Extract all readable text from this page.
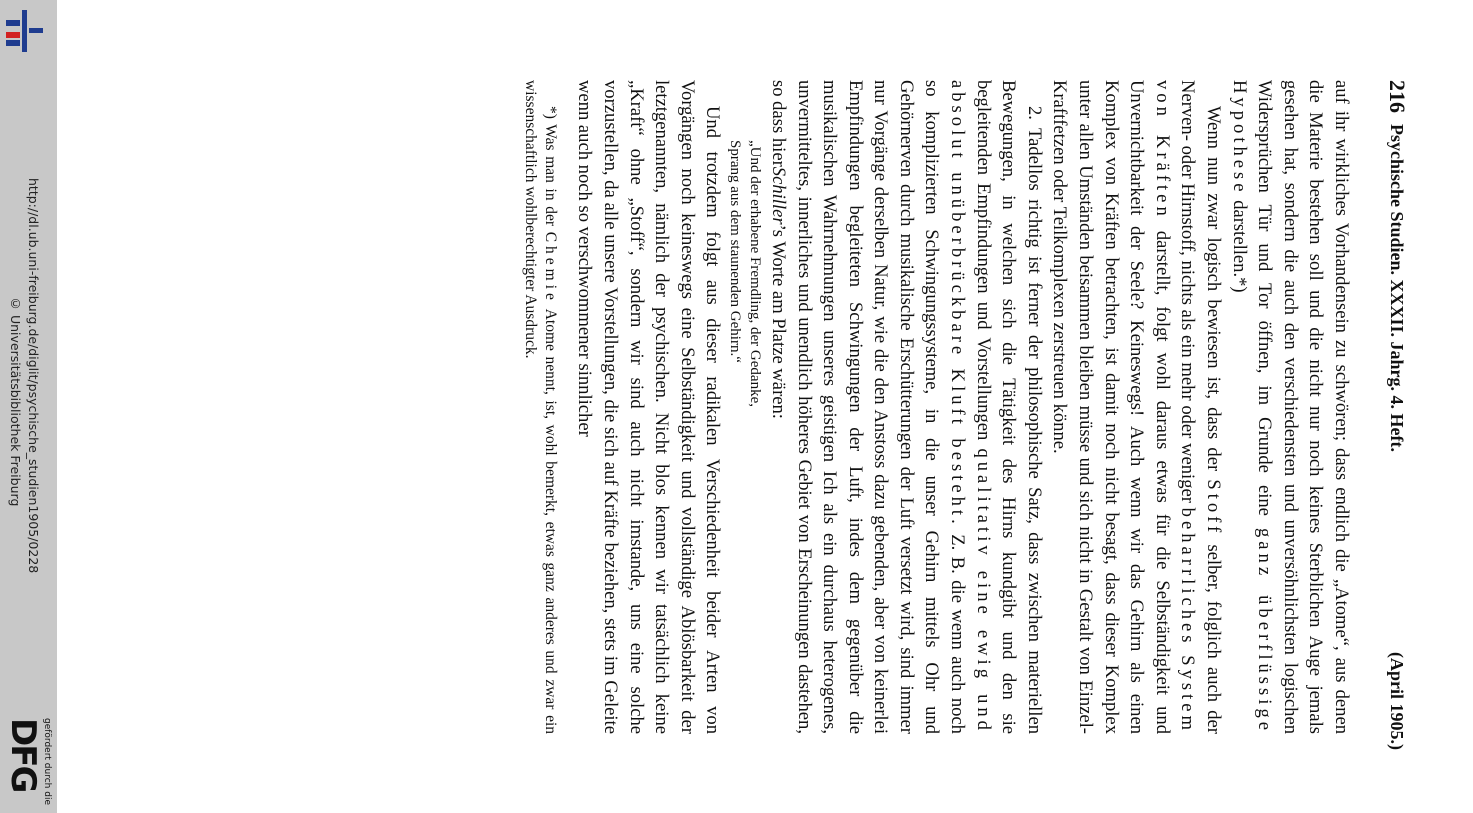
http://dl.ub.uni-freiburg.de/diglit/psychische_studien1905/0228
© Universitätsbibliothek Freiburg
gefördert durch die
DFG
216
Psychische Studien. XXXII. Jahrg. 4. Heft.
(April 1905.)

auf ihr wirkliches Vorhandensein zu schwören; dass endlich die „Atome“, aus denen die Materie bestehen soll und die nicht nur noch keines Sterblichen Auge jemals gesehen hat, sondern die auch den verschiedensten und unversöhnlichsten logischen Widersprüchen Tür und Tor öffnen, im Grunde eine ganz überflüssige Hypothese darstellen.*)

Wenn nun zwar logisch bewiesen ist, dass der Stoff selber, folglich auch der Nerven- oder Hirnstoff, nichts als ein mehr oder weniger beharrliches System von Kräften darstellt, folgt wohl daraus etwas für die Selbständigkeit und Unvernichtbarkeit der Seele? Keineswegs! Auch wenn wir das Gehirn als einen Komplex von Kräften betrachten, ist damit noch nicht besagt, dass dieser Komplex unter allen Umständen beisammen bleiben müsse und sich nicht in Gestalt von Einzel-Kraftfetzen oder Teilkomplexen zerstreuen könne.

2. Tadellos richtig ist ferner der philosophische Satz, dass zwischen materiellen Bewegungen, in welchen sich die Tätigkeit des Hirns kundgibt und den sie begleitenden Empfindungen und Vorstellungen qualitativ eine ewig und absolut unüberbrückbare Kluft besteht. Z. B. die wenn auch noch so komplizierten Schwingungssysteme, in die unser Gehirn mittels Ohr und Gehörnerven durch musikalische Erschütterungen der Luft versetzt wird, sind immer nur Vorgänge derselben Natur, wie die den Anstoss dazu gebenden, aber von keinerlei Empfindungen begleiteten Schwingungen der Luft, indes dem gegenüber die musikalischen Wahrnehmungen unseres geistigen Ich als ein durchaus heterogenes, unvermitteltes, innerliches und unendlich höheres Gebiet von Erscheinungen dastehen, so dass hierSchiller’s Worte am Platze wären:

„Und der erhabene Fremdling, der Gedanke,

Sprang aus dem staunenden Gehirn.“

Und trotzdem folgt aus dieser radikalen Verschiedenheit beider Arten von Vorgängen noch keineswegs eine Selbständigkeit und vollständige Ablösbarkeit der letztgenannten, nämlich der psychischen. Nicht blos kennen wir tatsächlich keine „Kraft“ ohne „Stoff“, sondern wir sind auch nicht imstande, uns eine solche vorzustellen, da alle unsere Vorstellungen, die sich auf Kräfte beziehen, stets im Geleite wenn auch noch so verschwommener sinnlicher

*) Was man in der Chemie Atome nennt, ist, wohl bemerkt, etwas ganz anderes und zwar ein wissenschaftlich wohlberechtigter Ausdruck.
